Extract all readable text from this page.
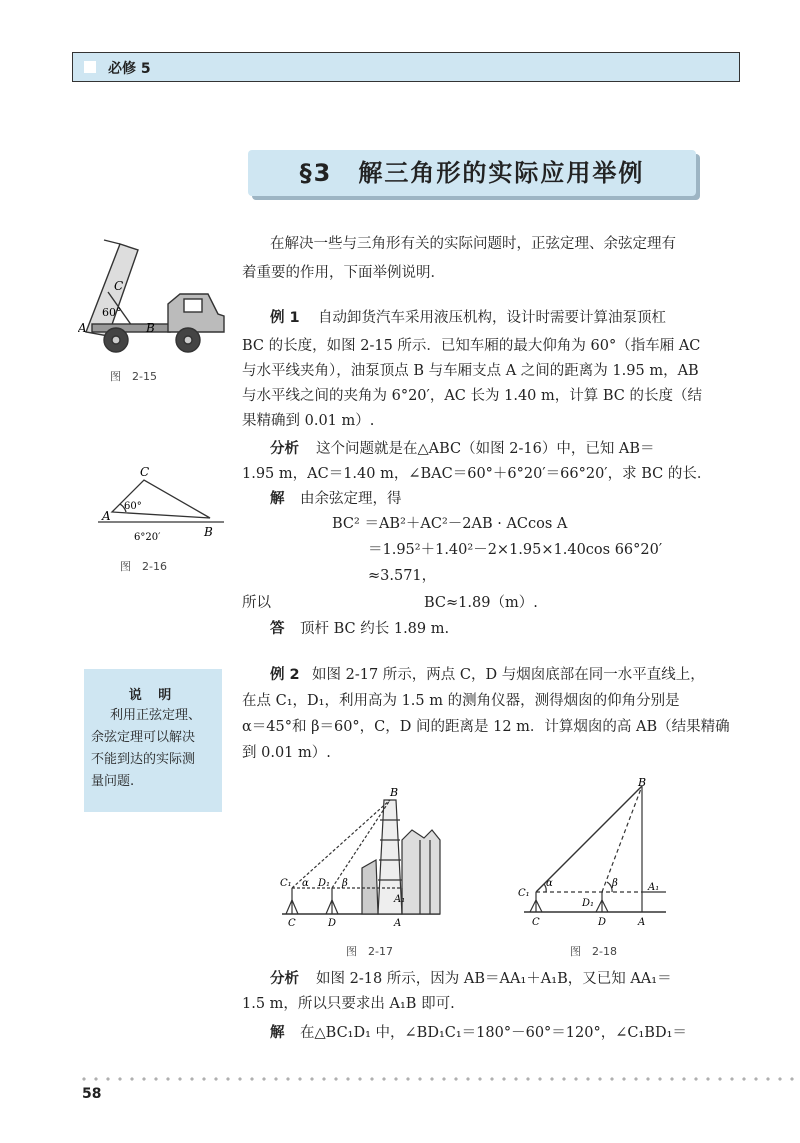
必修 5
§3　解三角形的实际应用举例
C
60°
A	B
图　2-15
C
60°
A
B
6°20′
图　2-16
在解决一些与三角形有关的实际问题时，正弦定理、余弦定理有
着重要的作用，下面举例说明．
例 1 自动卸货汽车采用液压机构，设计时需要计算油泵顶杠
BC 的长度，如图 2-15 所示．已知车厢的最大仰角为 60°（指车厢 AC
与水平线夹角），油泵顶点 B 与车厢支点 A 之间的距离为 1.95 m，AB
与水平线之间的夹角为 6°20′，AC 长为 1.40 m，计算 BC 的长度（结
果精确到 0.01 m）.
分析 这个问题就是在△ABC（如图 2-16）中，已知 AB＝
1.95 m，AC＝1.40 m，∠BAC＝60°＋6°20′＝66°20′，求 BC 的长．
解 由余弦定理，得
BC² ＝AB²＋AC²－2AB · ACcos A
＝1.95²＋1.40²－2×1.95×1.40cos 66°20′
≈3.571，
所以	BC≈1.89（m）.
答 顶杆 BC 约长 1.89 m.
说 明
利用正弦定理、
余弦定理可以解决
不能到达的实际测
量问题.
例 2 如图 2-17 所示，两点 C，D 与烟囱底部在同一水平直线上，
在点 C₁，D₁，利用高为 1.5 m 的测角仪器，测得烟囱的仰角分别是
α＝45°和 β＝60°，C，D 间的距离是 12 m．计算烟囱的高 AB（结果精确
到 0.01 m）.
B
C₁ α D₁ β
C	D
A₁
A
图　2-17
B
α	β
C₁
D₁
A₁
C	D	A
图　2-18
分析 如图 2-18 所示，因为 AB＝AA₁＋A₁B，又已知 AA₁＝
1.5 m，所以只要求出 A₁B 即可.
解 在△BC₁D₁ 中，∠BD₁C₁＝180°－60°＝120°，∠C₁BD₁＝
58
